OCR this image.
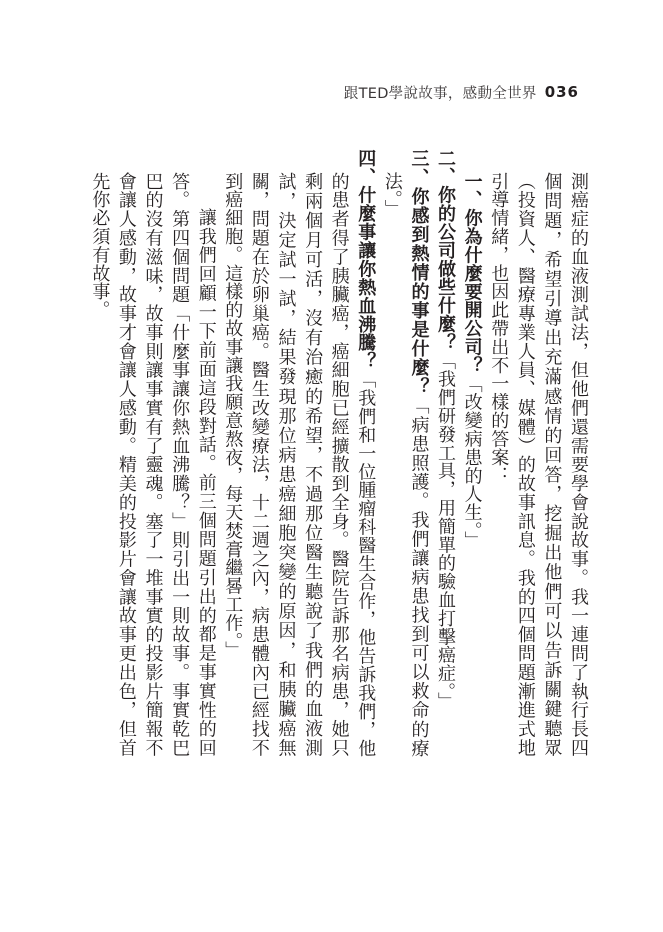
跟TED學說故事，感動全世界 036

測癌症的血液測試法，但他們還需要學會說故事。我一連問了執行長四個問題，希望引導出充滿感情的回答，挖掘出他們可以告訴關鍵聽眾（投資人、醫療專業人員、媒體）的故事訊息。我的四個問題漸進式地引導情緒，也因此帶出不一樣的答案：

一、你為什麼要開公司？「改變病患的人生。」

二、你的公司做些什麼？「我們研發工具，用簡單的驗血打擊癌症。」

三、你感到熱情的事是什麼？「病患照護。我們讓病患找到可以救命的療法。」

四、什麼事讓你熱血沸騰？「我們和一位腫瘤科醫生合作，他告訴我們，他的患者得了胰臟癌，癌細胞已經擴散到全身。醫院告訴那名病患，她只剩兩個月可活，沒有治癒的希望，不過那位醫生聽說了我們的血液測試，決定試一試，結果發現那位病患癌細胞突變的原因，和胰臟癌無關，問題在於卵巢癌。醫生改變療法，十二週之內，病患體內已經找不到癌細胞。這樣的故事讓我願意熬夜，每天焚膏繼晷工作。」

讓我們回顧一下前面這段對話。前三個問題引出的都是事實性的回答。第四個問題「什麼事讓你熱血沸騰？」則引出一則故事。事實乾巴巴的沒有滋味，故事則讓事實有了靈魂。塞了一堆事實的投影片簡報不會讓人感動，故事才會讓人感動。精美的投影片會讓故事更出色，但首先你必須有故事。
